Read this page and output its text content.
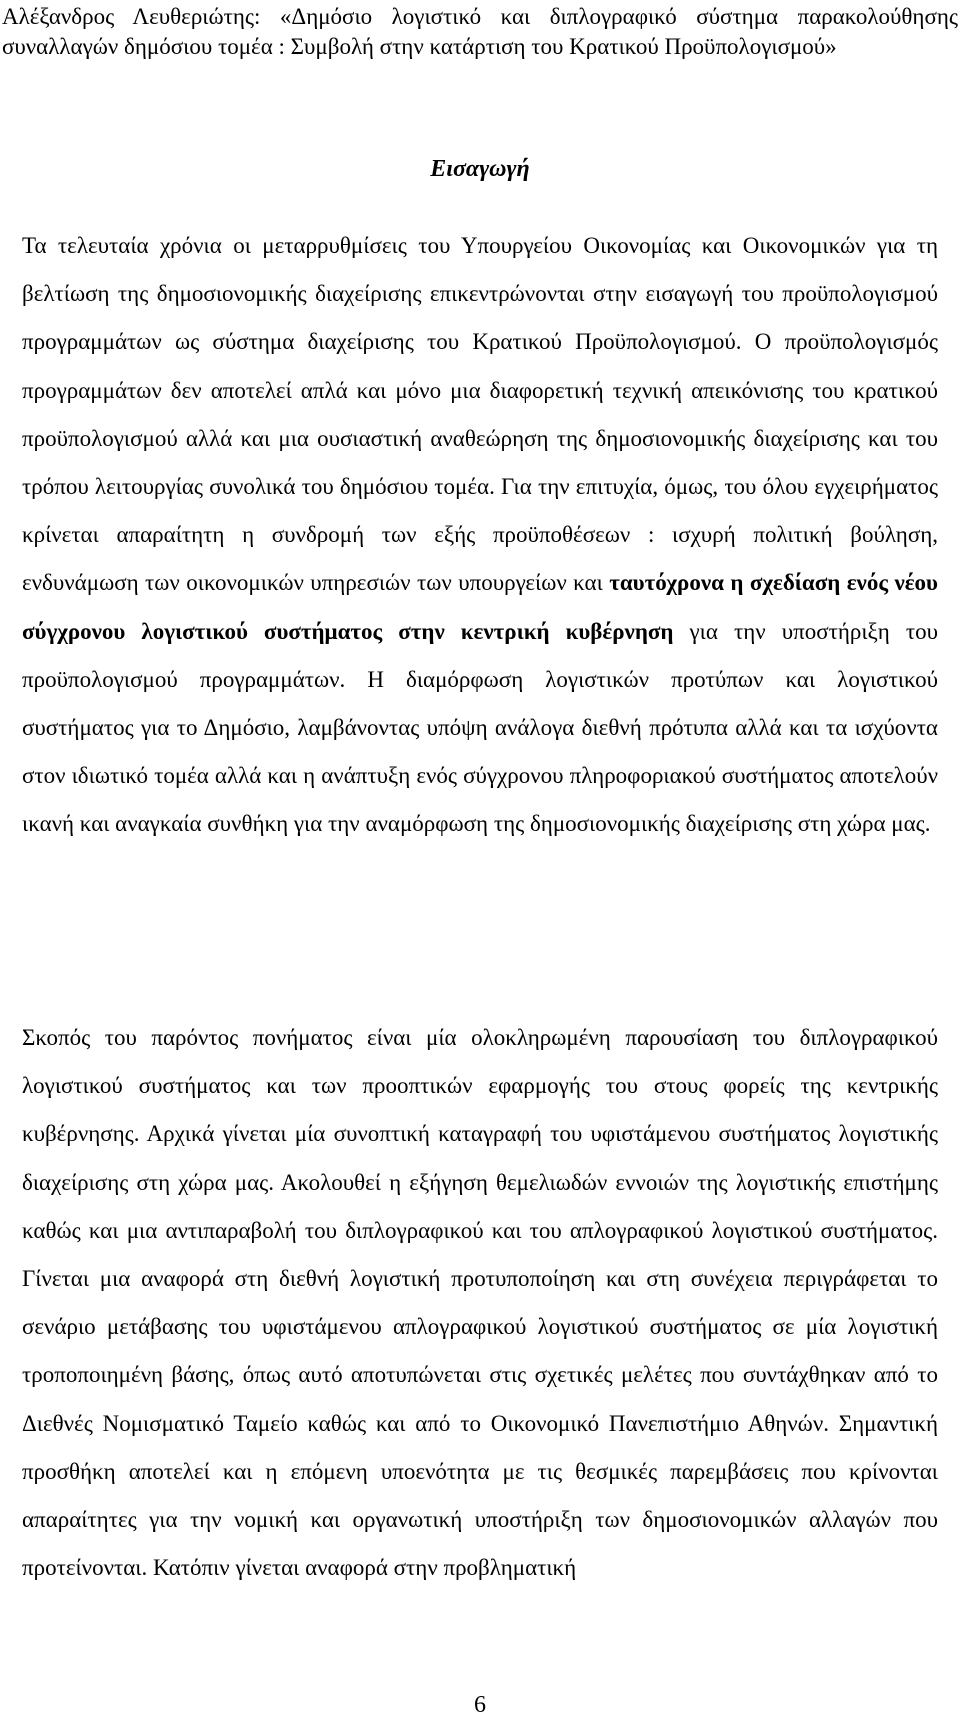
Αλέξανδρος Λευθεριώτης: «Δημόσιο λογιστικό και διπλογραφικό σύστημα παρακολούθησης συναλλαγών δημόσιου τομέα : Συμβολή στην κατάρτιση του Κρατικού Προϋπολογισμού»
Εισαγωγή

Τα τελευταία χρόνια οι μεταρρυθμίσεις του Υπουργείου Οικονομίας και Οικονομικών για τη βελτίωση της δημοσιονομικής διαχείρισης επικεντρώνονται στην εισαγωγή του προϋπολογισμού προγραμμάτων ως σύστημα διαχείρισης του Κρατικού Προϋπολογισμού. Ο προϋπολογισμός προγραμμάτων δεν αποτελεί απλά και μόνο μια διαφορετική τεχνική απεικόνισης του κρατικού προϋπολογισμού αλλά και μια ουσιαστική αναθεώρηση της δημοσιονομικής διαχείρισης και του τρόπου λειτουργίας συνολικά του δημόσιου τομέα. Για την επιτυχία, όμως, του όλου εγχειρήματος κρίνεται απαραίτητη η συνδρομή των εξής προϋποθέσεων : ισχυρή πολιτική βούληση, ενδυνάμωση των οικονομικών υπηρεσιών των υπουργείων και ταυτόχρονα η σχεδίαση ενός νέου σύγχρονου λογιστικού συστήματος στην κεντρική κυβέρνηση για την υποστήριξη του προϋπολογισμού προγραμμάτων. Η διαμόρφωση λογιστικών προτύπων και λογιστικού συστήματος για το Δημόσιο, λαμβάνοντας υπόψη ανάλογα διεθνή πρότυπα αλλά και τα ισχύοντα στον ιδιωτικό τομέα αλλά και η ανάπτυξη ενός σύγχρονου πληροφοριακού συστήματος αποτελούν ικανή και αναγκαία συνθήκη για την αναμόρφωση της δημοσιονομικής διαχείρισης στη χώρα μας.

Σκοπός του παρόντος πονήματος είναι μία ολοκληρωμένη παρουσίαση του διπλογραφικού λογιστικού συστήματος και των προοπτικών εφαρμογής του στους φορείς της κεντρικής κυβέρνησης. Αρχικά γίνεται μία συνοπτική καταγραφή του υφιστάμενου συστήματος λογιστικής διαχείρισης στη χώρα μας. Ακολουθεί η εξήγηση θεμελιωδών εννοιών της λογιστικής επιστήμης καθώς και μια αντιπαραβολή του διπλογραφικού και του απλογραφικού λογιστικού συστήματος. Γίνεται μια αναφορά στη διεθνή λογιστική προτυποποίηση και στη συνέχεια περιγράφεται το σενάριο μετάβασης του υφιστάμενου απλογραφικού λογιστικού συστήματος σε μία λογιστική τροποποιημένη βάσης, όπως αυτό αποτυπώνεται στις σχετικές μελέτες που συντάχθηκαν από το Διεθνές Νομισματικό Ταμείο καθώς και από το Οικονομικό Πανεπιστήμιο Αθηνών. Σημαντική προσθήκη αποτελεί και η επόμενη υποενότητα με τις θεσμικές παρεμβάσεις που κρίνονται απαραίτητες για την νομική και οργανωτική υποστήριξη των δημοσιονομικών αλλαγών που προτείνονται. Κατόπιν γίνεται αναφορά στην προβληματική

6
